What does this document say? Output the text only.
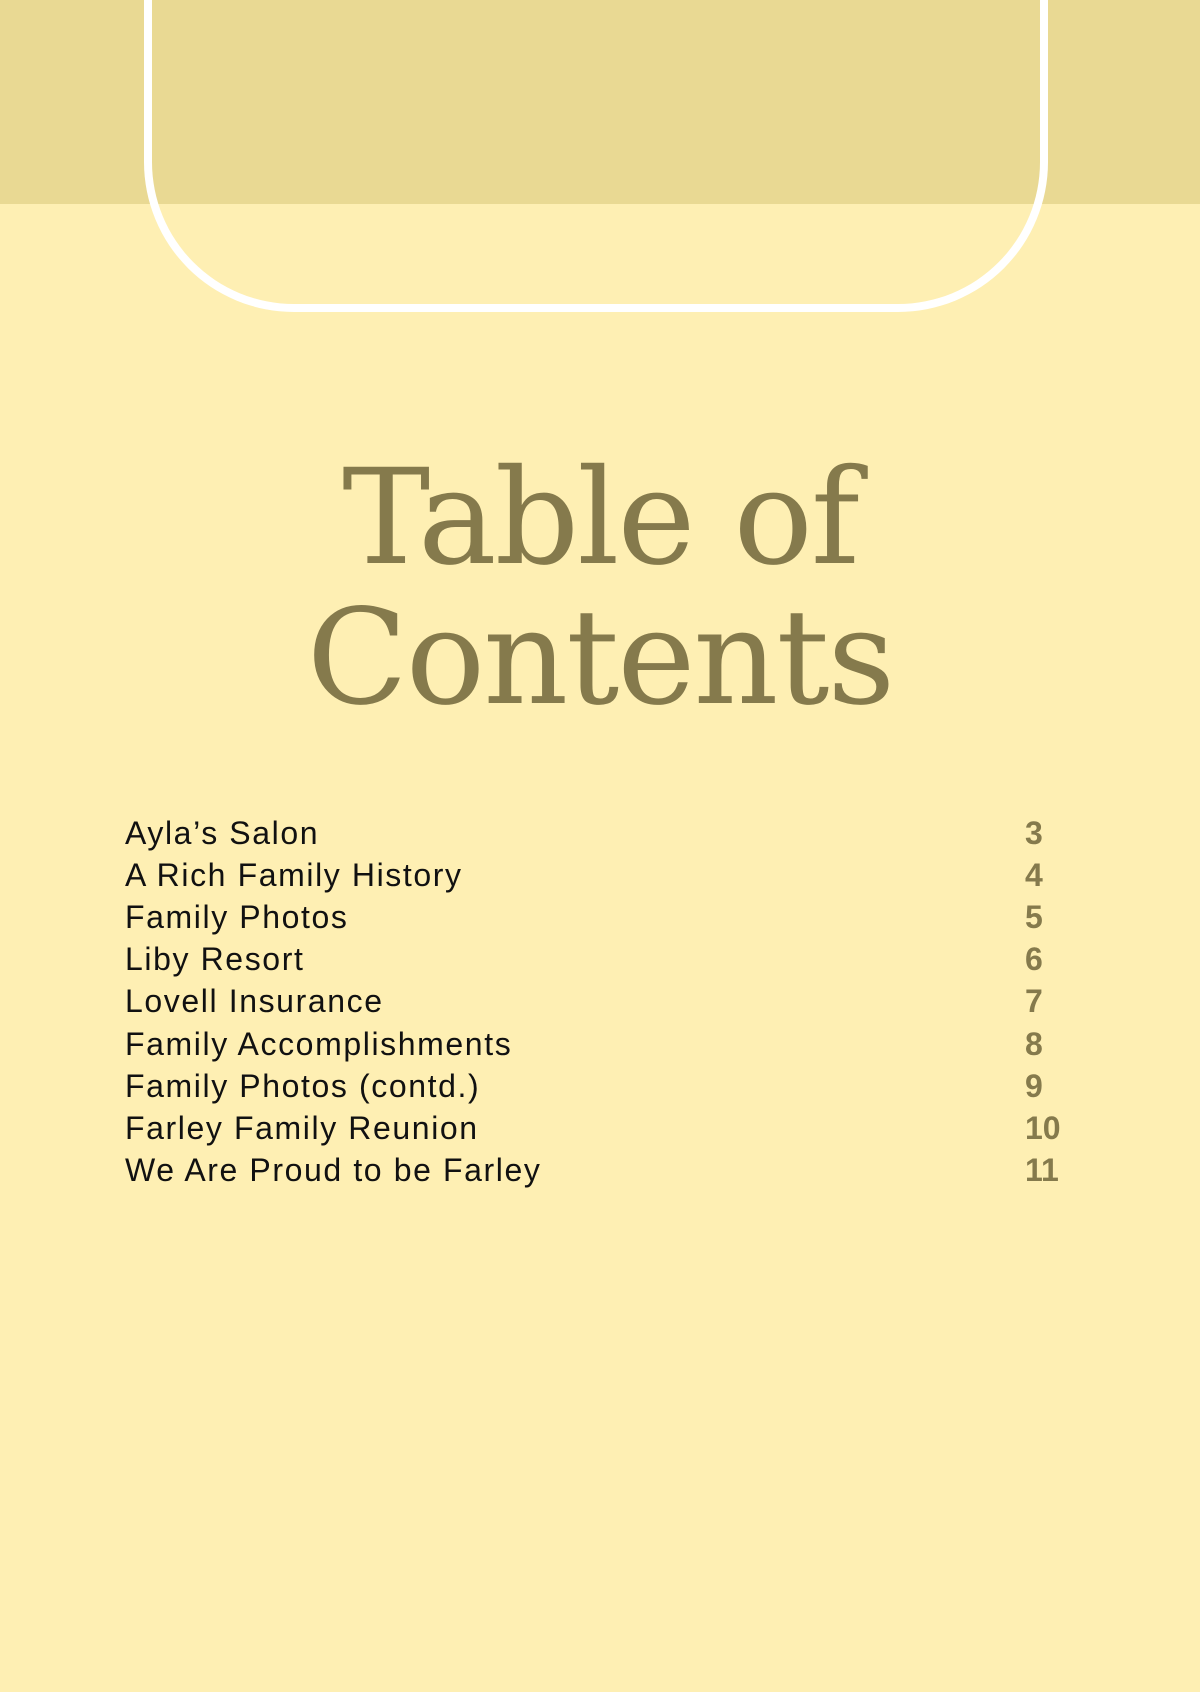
Table of
Contents
Ayla’s Salon	3
A Rich Family History	4
Family Photos	5
Liby Resort	6
Lovell Insurance	7
Family Accomplishments	8
Family Photos (contd.)	9
Farley Family Reunion	10
We Are Proud to be Farley	11
